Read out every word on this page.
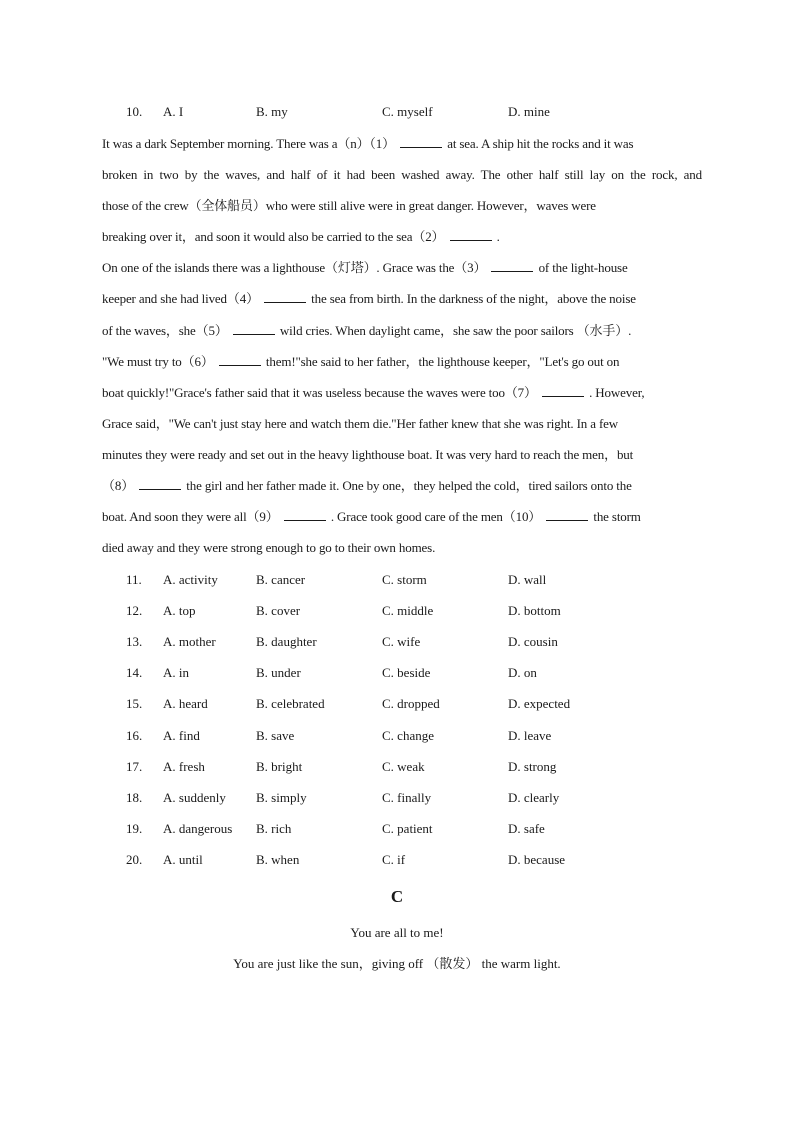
10.	A. I	B. my	C. myself	D. mine
It was a dark September morning. There was a（n）（1）	at sea. A ship hit the rocks and it was
broken in two by the waves, and half of it had been washed away. The other half still lay on the rock, and
those of the crew（全体船员）who were still alive were in great danger. However，waves were
breaking over it，and soon it would also be carried to the sea（2）	.
On one of the islands there was a lighthouse（灯塔）. Grace was the（3）	of the light-house
keeper and she had lived（4）	the sea from birth. In the darkness of the night，above the noise
of the waves，she（5）	wild cries. When daylight came，she saw the poor sailors （水手）.
"We must try to（6）	them!"she said to her father，the lighthouse keeper，"Let's go out on
boat quickly!"Grace's father said that it was useless because the waves were too（7）	. However,
Grace said，"We can't just stay here and watch them die."Her father knew that she was right. In a few
minutes they were ready and set out in the heavy lighthouse boat. It was very hard to reach the men，but
（8）	the girl and her father made it. One by one，they helped the cold，tired sailors onto the
boat. And soon they were all（9）	. Grace took good care of the men（10）	the storm
died away and they were strong enough to go to their own homes.
11.	A. activity	B. cancer	C. storm	D. wall
12.	A. top	B. cover	C. middle	D. bottom
13.	A. mother	B. daughter	C. wife	D. cousin
14.	A. in	B. under	C. beside	D. on
15.	A. heard	B. celebrated	C. dropped	D. expected
16.	A. find	B. save	C. change	D. leave
17.	A. fresh	B. bright	C. weak	D. strong
18.	A. suddenly B. simply	C. finally	D. clearly
19.	A. dangerous B. rich	C. patient	D. safe
20.	A. until	B. when	C. if	D. because
C
You are all to me!
You are just like the sun，giving off （散发） the warm light.
